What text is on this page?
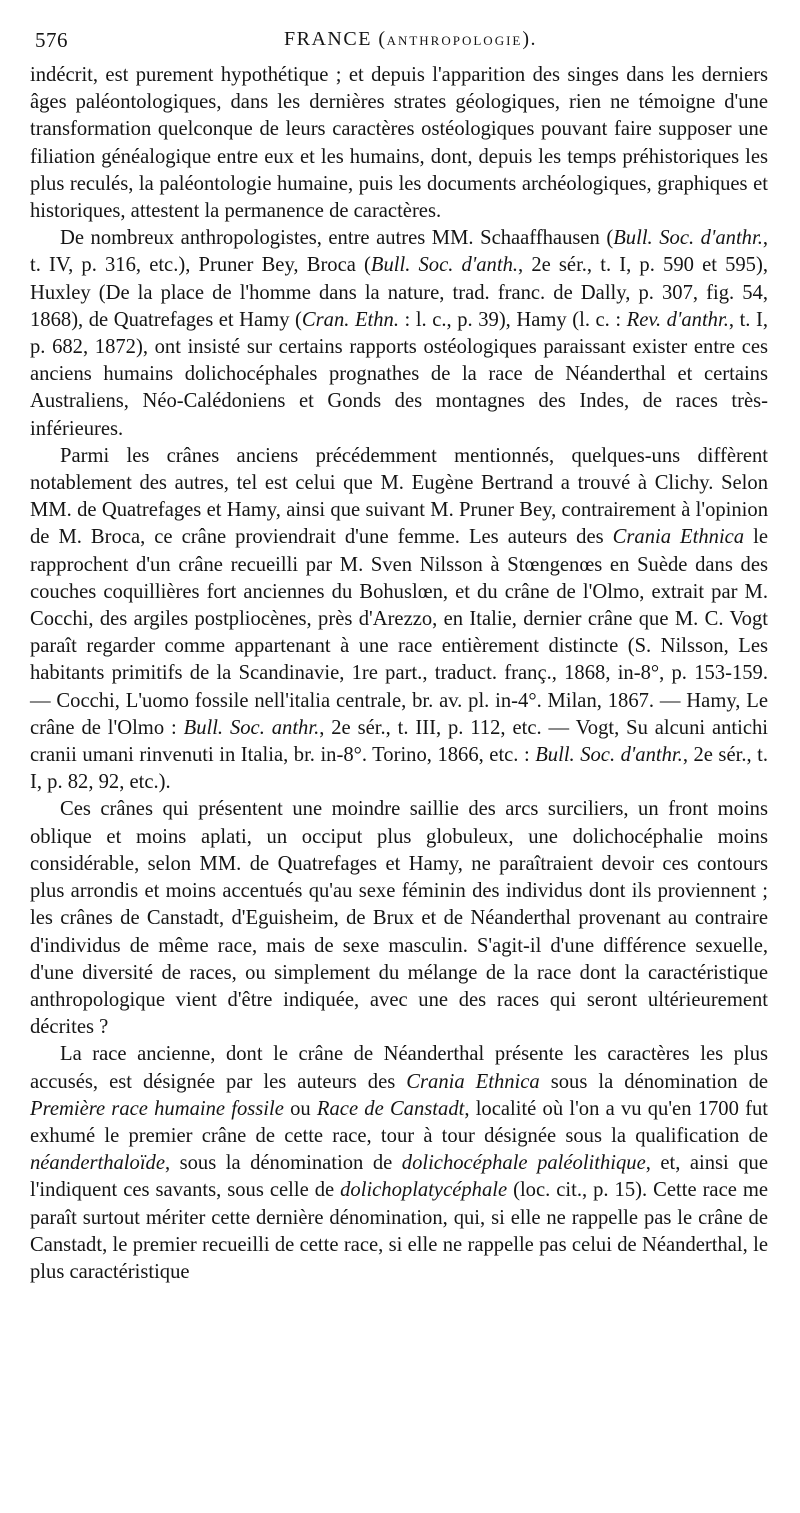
576	FRANCE (ANTHROPOLOGIE).

indécrit, est purement hypothétique ; et depuis l'apparition des singes dans les derniers âges paléontologiques, dans les dernières strates géologiques, rien ne témoigne d'une transformation quelconque de leurs caractères ostéologiques pouvant faire supposer une filiation généalogique entre eux et les humains, dont, depuis les temps préhistoriques les plus reculés, la paléontologie humaine, puis les documents archéologiques, graphiques et historiques, attestent la permanence de caractères.

De nombreux anthropologistes, entre autres MM. Schaaffhausen (Bull. Soc. d'anthr., t. IV, p. 316, etc.), Pruner Bey, Broca (Bull. Soc. d'anth., 2e sér., t. I, p. 590 et 595), Huxley (De la place de l'homme dans la nature, trad. franc. de Dally, p. 307, fig. 54, 1868), de Quatrefages et Hamy (Cran. Ethn. : l. c., p. 39), Hamy (l. c. : Rev. d'anthr., t. I, p. 682, 1872), ont insisté sur certains rapports ostéologiques paraissant exister entre ces anciens humains dolichocéphales prognathes de la race de Néanderthal et certains Australiens, Néo-Calédoniens et Gonds des montagnes des Indes, de races très-inférieures.

Parmi les crânes anciens précédemment mentionnés, quelques-uns diffèrent notablement des autres, tel est celui que M. Eugène Bertrand a trouvé à Clichy. Selon MM. de Quatrefages et Hamy, ainsi que suivant M. Pruner Bey, contrairement à l'opinion de M. Broca, ce crâne proviendrait d'une femme. Les auteurs des Crania Ethnica le rapprochent d'un crâne recueilli par M. Sven Nilsson à Stœngenœs en Suède dans des couches coquillières fort anciennes du Bohuslœn, et du crâne de l'Olmo, extrait par M. Cocchi, des argiles postpliocènes, près d'Arezzo, en Italie, dernier crâne que M. C. Vogt paraît regarder comme appartenant à une race entièrement distincte (S. Nilsson, Les habitants primitifs de la Scandinavie, 1re part., traduct. franç., 1868, in-8°, p. 153-159. — Cocchi, L'uomo fossile nell'italia centrale, br. av. pl. in-4°. Milan, 1867. — Hamy, Le crâne de l'Olmo : Bull. Soc. anthr., 2e sér., t. III, p. 112, etc. — Vogt, Su alcuni antichi cranii umani rinvenuti in Italia, br. in-8°. Torino, 1866, etc. : Bull. Soc. d'anthr., 2e sér., t. I, p. 82, 92, etc.).

Ces crânes qui présentent une moindre saillie des arcs surciliers, un front moins oblique et moins aplati, un occiput plus globuleux, une dolichocéphalie moins considérable, selon MM. de Quatrefages et Hamy, ne paraîtraient devoir ces contours plus arrondis et moins accentués qu'au sexe féminin des individus dont ils proviennent ; les crânes de Canstadt, d'Eguisheim, de Brux et de Néanderthal provenant au contraire d'individus de même race, mais de sexe masculin. S'agit-il d'une différence sexuelle, d'une diversité de races, ou simplement du mélange de la race dont la caractéristique anthropologique vient d'être indiquée, avec une des races qui seront ultérieurement décrites ?

La race ancienne, dont le crâne de Néanderthal présente les caractères les plus accusés, est désignée par les auteurs des Crania Ethnica sous la dénomination de Première race humaine fossile ou Race de Canstadt, localité où l'on a vu qu'en 1700 fut exhumé le premier crâne de cette race, tour à tour désignée sous la qualification de néanderthaloïde, sous la dénomination de dolichocéphale paléolithique, et, ainsi que l'indiquent ces savants, sous celle de dolichoplatycéphale (loc. cit., p. 15). Cette race me paraît surtout mériter cette dernière dénomination, qui, si elle ne rappelle pas le crâne de Canstadt, le premier recueilli de cette race, si elle ne rappelle pas celui de Néanderthal, le plus caractéristique
